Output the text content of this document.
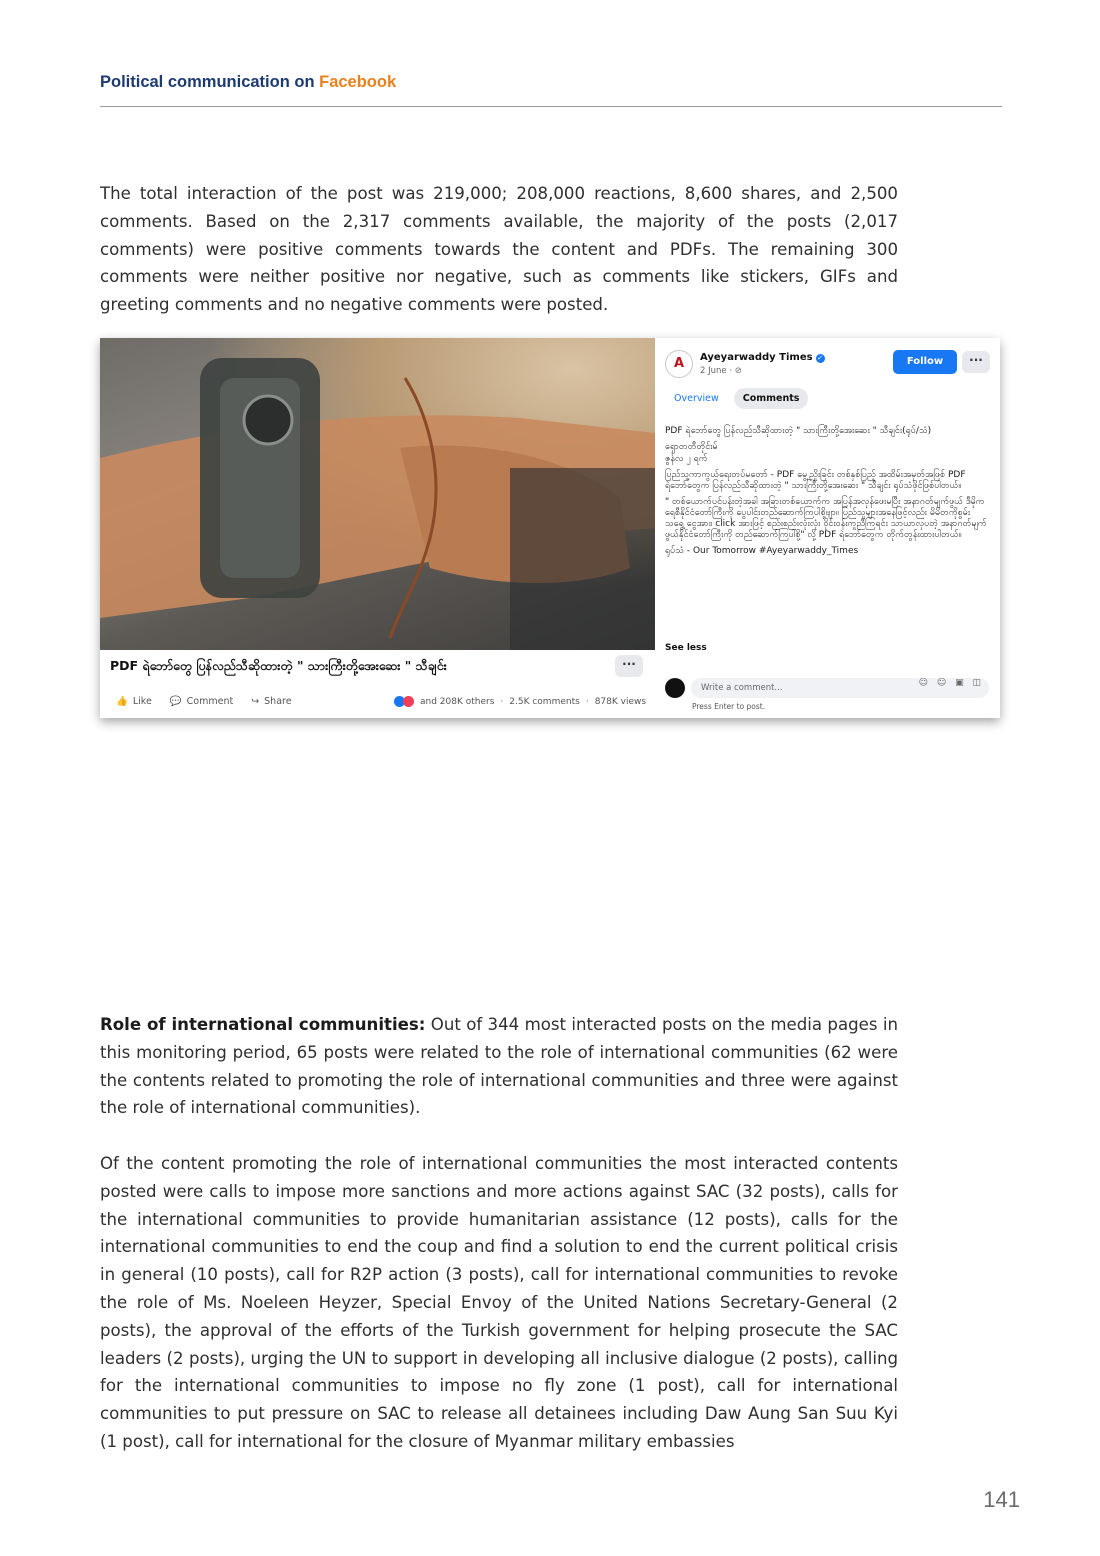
Political communication on Facebook

The total interaction of the post was 219,000; 208,000 reactions, 8,600 shares, and 2,500 comments. Based on the 2,317 comments available, the majority of the posts (2,017 comments) were positive comments towards the content and PDFs. The remaining 300 comments were neither positive nor negative, such as comments like stickers, GIFs and greeting comments and no negative comments were posted.

PDF ရဲဘော်တွေ ပြန်လည်သီဆိုထားတဲ့ " သားကြီးတို့အေးဆေး " သီချင်း	···
👍 Like 💬 Comment ↪ Share	and 208K others · 2.5K comments · 878K views
A	Ayeyarwaddy Times ✓
2 June · ⊘
Follow	···
Overview	Comments

PDF ရဲဘော်တွေ ပြန်လည်သီဆိုထားတဲ့ " သားကြီးတို့အေးဆေး " သီချင်း(ရုပ်/သံ)

ရှောတတီတိုင်းမ်

ဇွန်လ ၂ ရက်

ပြည်သူ့ကာကွယ်ရေးတပ်မတော် - PDF မွေ့ညှိုးခြင်း တစ်နှစ်ပြည့် အထိမ်းအမှတ်အဖြစ် PDF ရဲဘော်တွေက ပြန်လည်သီဆိုထားတဲ့ " သားကြီးတို့အေးဆေး " သီချင်း ရုပ်သံဖိုင်ဖြစ်ပါတယ်။

" တစ်ယောက်ပင်ပန်းတဲ့အခါ အခြားတစ်ယောက်က အပြန်အလှန်ဖေးမပြီး အနာဂတ်မျက်ဖွယ် ဒီမိုကရေစီနိုင်ငံတော်ကြီးကို ပွေပါင်းတည်ဆောက်ကြပါစို့ဗျာ။ ပြည်သူများအနေဖြင့်လည်း မိမိတကိုစွမ်းသရွေ့ ငွေအား၊ click အားဖြင့် စည်းစည်းလုံးလုံး ဝိုင်းဝန်းကူညီကြရင်း သာယာလှပတဲ့ အနာဂတ်မျက်ဖွယ်နိုင်ငံတော်ကြီးကို တည်ဆောက်ကြပါစို့" လို့ PDF ရဲဘော်တွေက တိုက်တွန်းထားပါတယ်။

ရုပ်သံ - Our Tomorrow #Ayeyarwaddy_Times

See less
Write a comment...	☺ ☺ ▣ ◫
Press Enter to post.

Role of international communities: Out of 344 most interacted posts on the media pages in this monitoring period, 65 posts were related to the role of international communities (62 were the contents related to promoting the role of international communities and three were against the role of international communities).

Of the content promoting the role of international communities the most interacted contents posted were calls to impose more sanctions and more actions against SAC (32 posts), calls for the international communities to provide humanitarian assistance (12 posts), calls for the international communities to end the coup and find a solution to end the current political crisis in general (10 posts), call for R2P action (3 posts), call for international communities to revoke the role of Ms. Noeleen Heyzer, Special Envoy of the United Nations Secretary-General (2 posts), the approval of the efforts of the Turkish government for helping prosecute the SAC leaders (2 posts), urging the UN to support in developing all inclusive dialogue (2 posts), calling for the international communities to impose no fly zone (1 post), call for international communities to put pressure on SAC to release all detainees including Daw Aung San Suu Kyi (1 post), call for international for the closure of Myanmar military embassies

141
